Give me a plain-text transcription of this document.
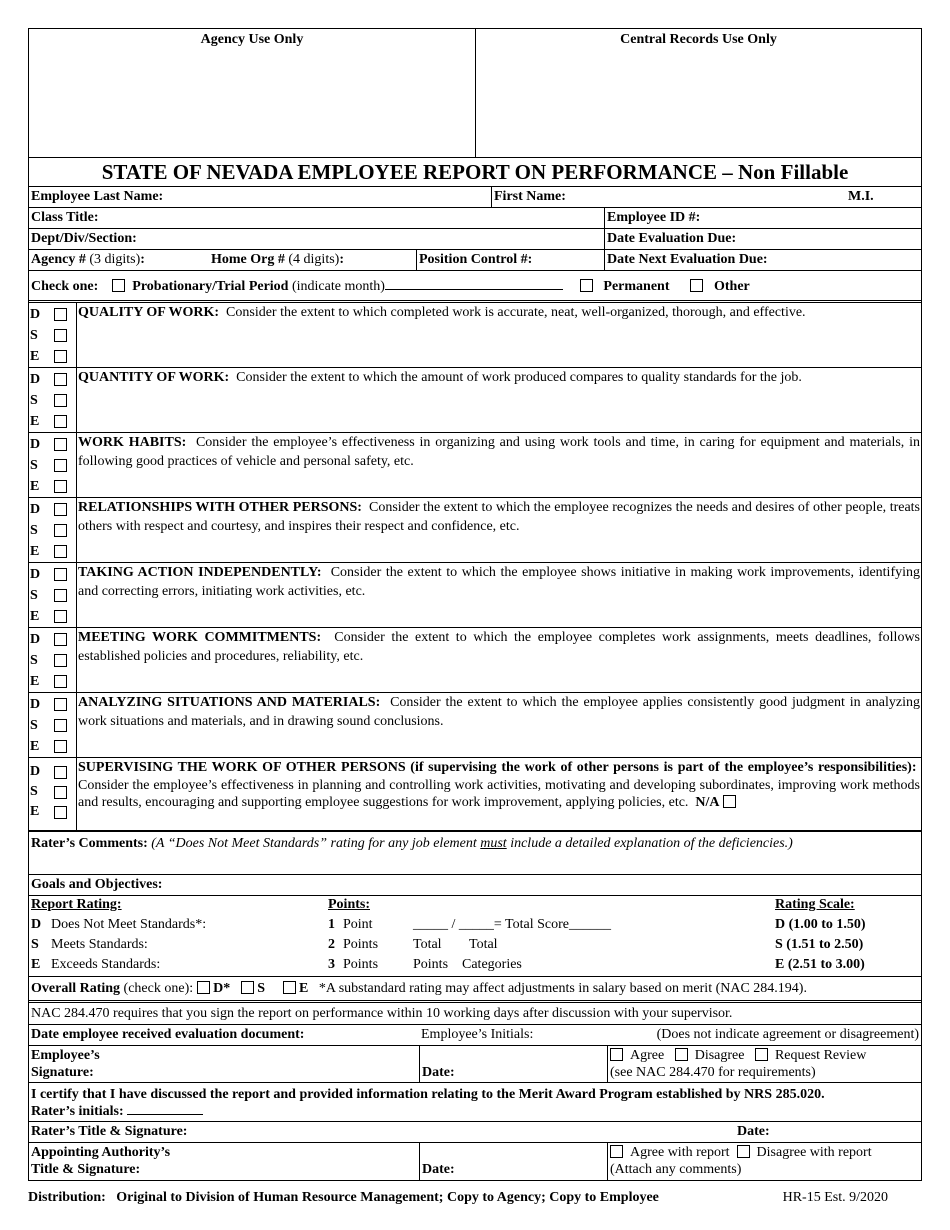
Agency Use Only	Central Records Use Only
STATE OF NEVADA EMPLOYEE REPORT ON PERFORMANCE – Non Fillable
Employee Last Name:	First Name:	M.I.
Class Title:	Employee ID #:
Dept/Div/Section:	Date Evaluation Due:
Agency # (3 digits):	Home Org # (4 digits):	Position Control #:	Date Next Evaluation Due:
Check one: Probationary/Trial Period (indicate month)	Permanent	Other
D
S
E
QUALITY OF WORK: Consider the extent to which completed work is accurate, neat, well-organized, thorough, and effective.
D
S
E
QUANTITY OF WORK: Consider the extent to which the amount of work produced compares to quality standards for the job.
D
S
E
WORK HABITS: Consider the employee’s effectiveness in organizing and using work tools and time, in caring for equipment and materials, in following good practices of vehicle and personal safety, etc.
D
S
E
RELATIONSHIPS WITH OTHER PERSONS: Consider the extent to which the employee recognizes the needs and desires of other people, treats others with respect and courtesy, and inspires their respect and confidence, etc.
D
S
E
TAKING ACTION INDEPENDENTLY: Consider the extent to which the employee shows initiative in making work improvements, identifying and correcting errors, initiating work activities, etc.
D
S
E
MEETING WORK COMMITMENTS: Consider the extent to which the employee completes work assignments, meets deadlines, follows established policies and procedures, reliability, etc.
D
S
E
ANALYZING SITUATIONS AND MATERIALS: Consider the extent to which the employee applies consistently good judgment in analyzing work situations and materials, and in drawing sound conclusions.
D
S
E
SUPERVISING THE WORK OF OTHER PERSONS (if supervising the work of other persons is part of the employee’s responsibilities):  Consider the employee’s effectiveness in planning and controlling work activities, motivating and developing subordinates, improving work methods and results, encouraging and supporting employee suggestions for work improvement, applying policies, etc. N/A
Rater’s Comments: (A “Does Not Meet Standards” rating for any job element must include a detailed explanation of the deficiencies.)
Goals and Objectives:
Report Rating:	Points:	Rating Scale:
D Does Not Meet Standards*:	1 Point	D (1.00 to 1.50)
S Meets Standards:	2 Points	S (1.51 to 2.50)
E Exceeds Standards:	3 Points	E (2.51 to 3.00)
_____ / _____= Total Score______
Total Total
Points Categories
Overall Rating (check one): D* S E *A substandard rating may affect adjustments in salary based on merit (NAC 284.194).
NAC 284.470 requires that you sign the report on performance within 10 working days after discussion with your supervisor.
Date employee received evaluation document:	Employee’s Initials:	(Does not indicate agreement or disagreement)
Employee’s
Signature:	Date:
Agree Disagree Request Review
(see NAC 284.470 for requirements)
I certify that I have discussed the report and provided information relating to the Merit Award Program established by NRS 285.020.
Rater’s initials:
Rater’s Title & Signature:	Date:
Appointing Authority’s
Title & Signature:	Date:
Agree with report Disagree with report
(Attach any comments)
Distribution: Original to Division of Human Resource Management; Copy to Agency; Copy to Employee	HR-15 Est. 9/2020
